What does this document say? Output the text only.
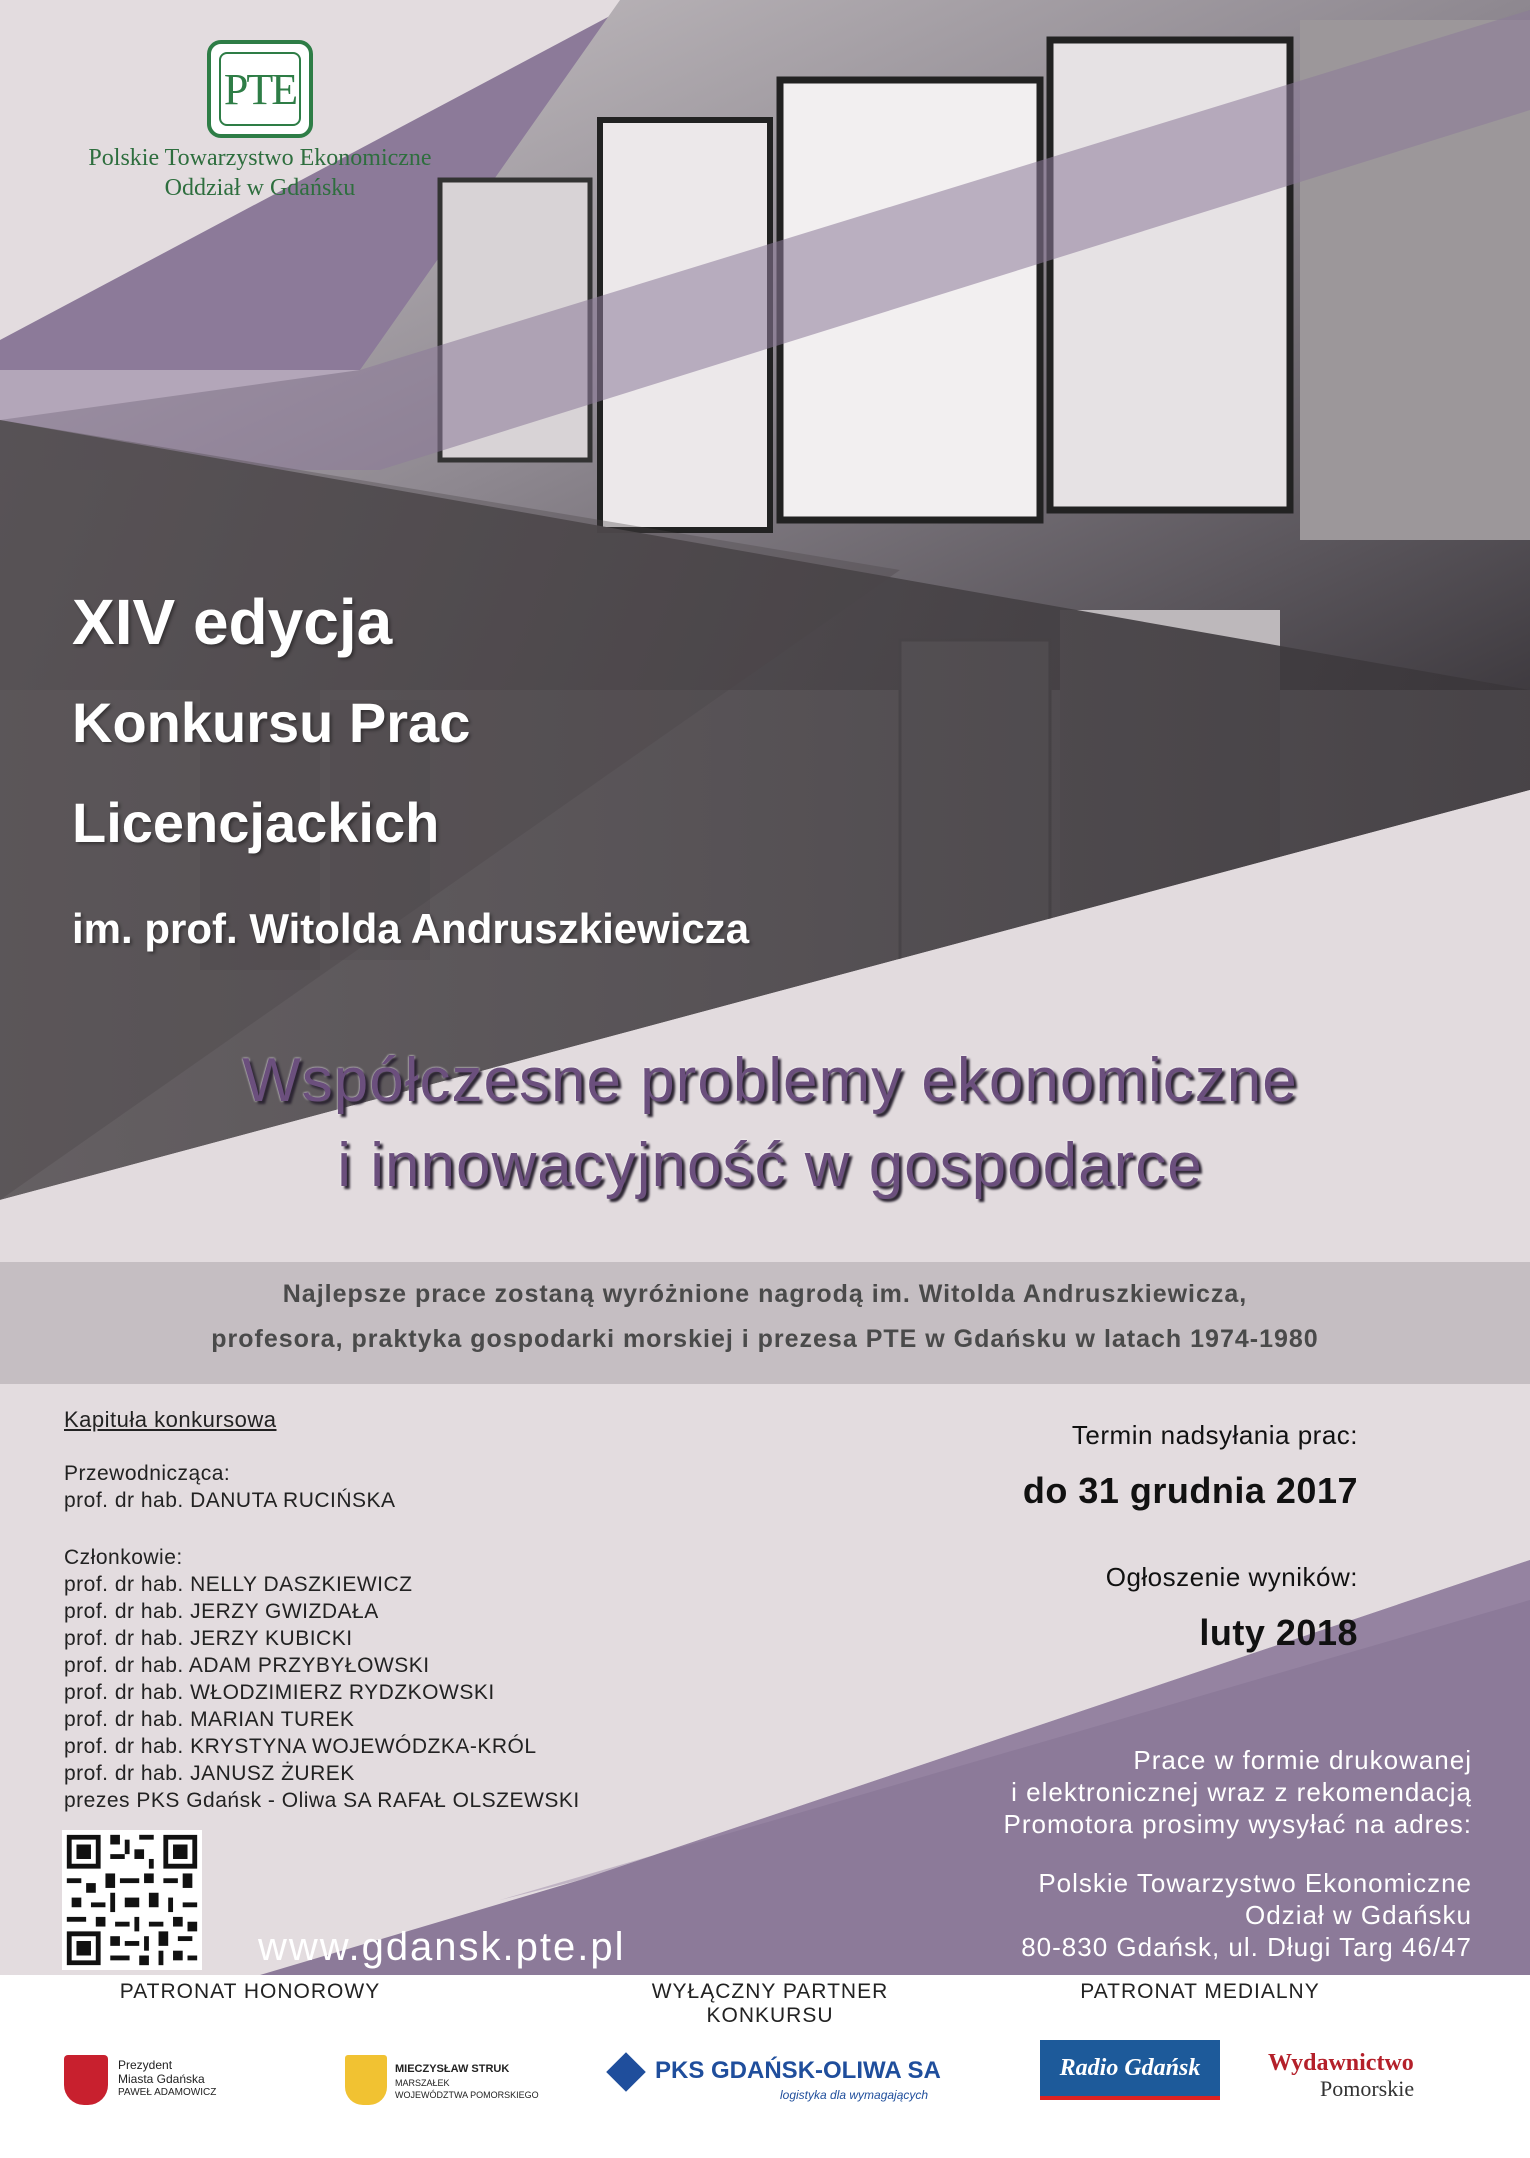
PTE
Polskie Towarzystwo Ekonomiczne
Oddział w Gdańsku
XIV edycja
Konkursu Prac
Licencjackich
im. prof. Witolda Andruszkiewicza
Współczesne problemy ekonomiczne
i innowacyjność w gospodarce
Najlepsze prace zostaną wyróżnione nagrodą im. Witolda Andruszkiewicza,
profesora, praktyka gospodarki morskiej i prezesa PTE w Gdańsku w latach 1974-1980
Kapituła konkursowa
Przewodnicząca:
prof. dr hab. DANUTA RUCIŃSKA
Członkowie:
prof. dr hab. NELLY DASZKIEWICZ
prof. dr hab. JERZY GWIZDAŁA
prof. dr hab. JERZY KUBICKI
prof. dr hab. ADAM PRZYBYŁOWSKI
prof. dr hab. WŁODZIMIERZ RYDZKOWSKI
prof. dr hab. MARIAN TUREK
prof. dr hab. KRYSTYNA WOJEWÓDZKA-KRÓL
prof. dr hab. JANUSZ ŻUREK
prezes PKS Gdańsk - Oliwa SA RAFAŁ OLSZEWSKI
Termin nadsyłania prac:
do 31 grudnia 2017
Ogłoszenie wyników:
luty 2018
Prace w formie drukowanej
i elektronicznej wraz z rekomendacją
Promotora prosimy wysyłać na adres:
Polskie Towarzystwo Ekonomiczne
Odział w Gdańsku
80-830 Gdańsk, ul. Długi Targ 46/47
www.gdansk.pte.pl
PATRONAT HONOROWY	WYŁĄCZNY PARTNER
KONKURSU
PATRONAT MEDIALNY
Prezydent
Miasta Gdańska
PAWEŁ ADAMOWICZ
MIECZYSŁAW STRUK
MARSZAŁEK
WOJEWÓDZTWA POMORSKIEGO
PKS GDAŃSK-OLIWA SA
logistyka dla wymagających
Radio Gdańsk	Wydawnictwo
Pomorskie
